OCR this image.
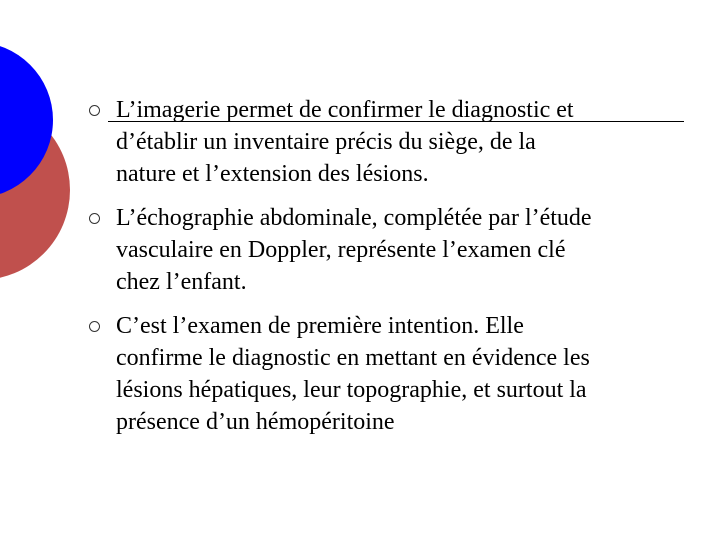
L’imagerie permet de confirmer le diagnostic et
d’établir un inventaire précis du siège, de la
nature et l’extension des lésions.
L’échographie abdominale, complétée par l’étude
vasculaire en Doppler, représente l’examen clé
chez l’enfant.
C’est l’examen de première intention. Elle
confirme le diagnostic en mettant en évidence les
lésions hépatiques, leur topographie, et surtout la
présence d’un hémopéritoine
